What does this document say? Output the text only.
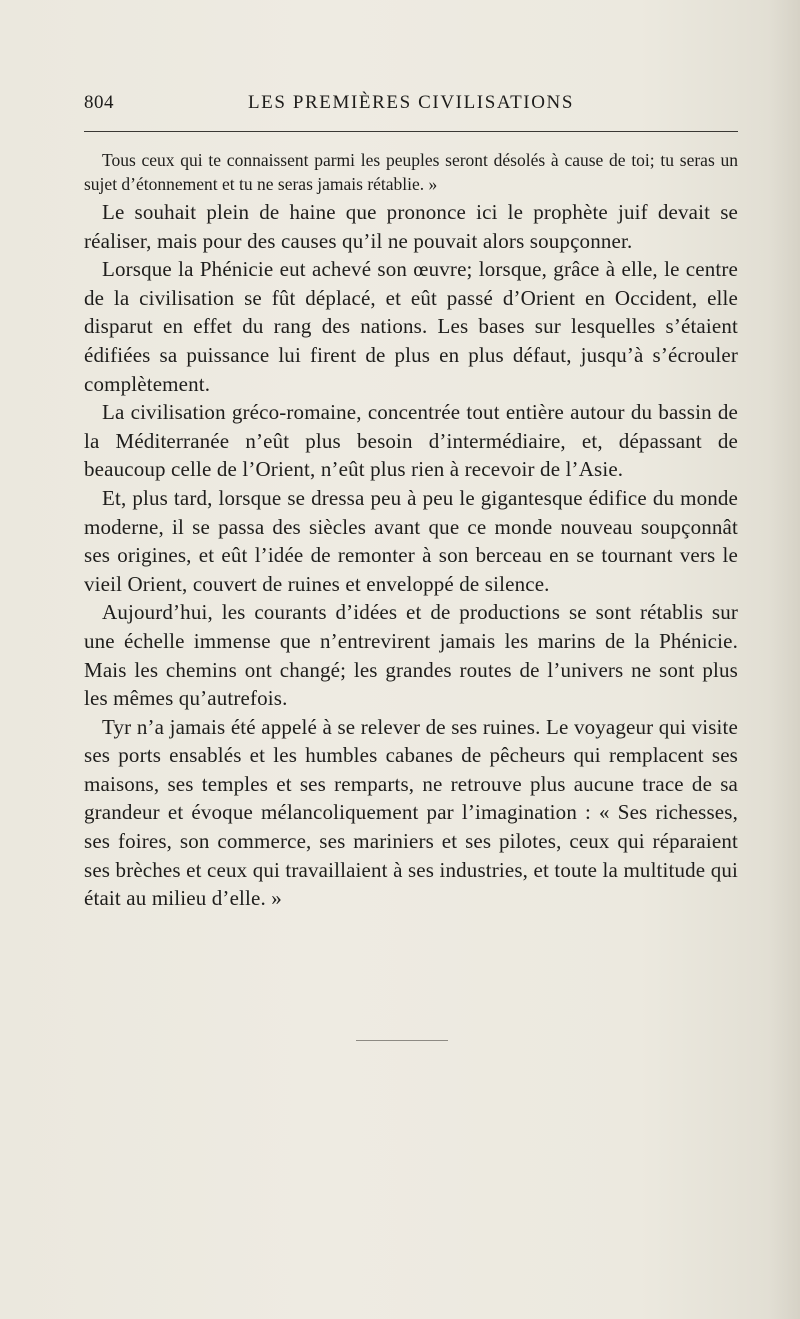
804	LES PREMIÈRES CIVILISATIONS

Tous ceux qui te connaissent parmi les peuples seront désolés à cause de toi; tu seras un sujet d’étonnement et tu ne seras jamais rétablie. »

Le souhait plein de haine que prononce ici le prophète juif devait se réaliser, mais pour des causes qu’il ne pouvait alors soupçonner.

Lorsque la Phénicie eut achevé son œuvre; lorsque, grâce à elle, le centre de la civilisation se fût déplacé, et eût passé d’Orient en Occident, elle disparut en effet du rang des nations. Les bases sur lesquelles s’étaient édifiées sa puissance lui firent de plus en plus défaut, jusqu’à s’écrouler complètement.

La civilisation gréco-romaine, concentrée tout entière autour du bassin de la Méditerranée n’eût plus besoin d’intermédiaire, et, dépassant de beaucoup celle de l’Orient, n’eût plus rien à recevoir de l’Asie.

Et, plus tard, lorsque se dressa peu à peu le gigantesque édifice du monde moderne, il se passa des siècles avant que ce monde nouveau soupçonnât ses origines, et eût l’idée de remonter à son berceau en se tournant vers le vieil Orient, couvert de ruines et enveloppé de silence.

Aujourd’hui, les courants d’idées et de productions se sont rétablis sur une échelle immense que n’entrevirent jamais les marins de la Phénicie. Mais les chemins ont changé; les grandes routes de l’univers ne sont plus les mêmes qu’autrefois.

Tyr n’a jamais été appelé à se relever de ses ruines. Le voyageur qui visite ses ports ensablés et les humbles cabanes de pêcheurs qui remplacent ses maisons, ses temples et ses remparts, ne retrouve plus aucune trace de sa grandeur et évoque mélancoliquement par l’imagination : « Ses richesses, ses foires, son commerce, ses mariniers et ses pilotes, ceux qui réparaient ses brèches et ceux qui travaillaient à ses industries, et toute la multitude qui était au milieu d’elle. »
